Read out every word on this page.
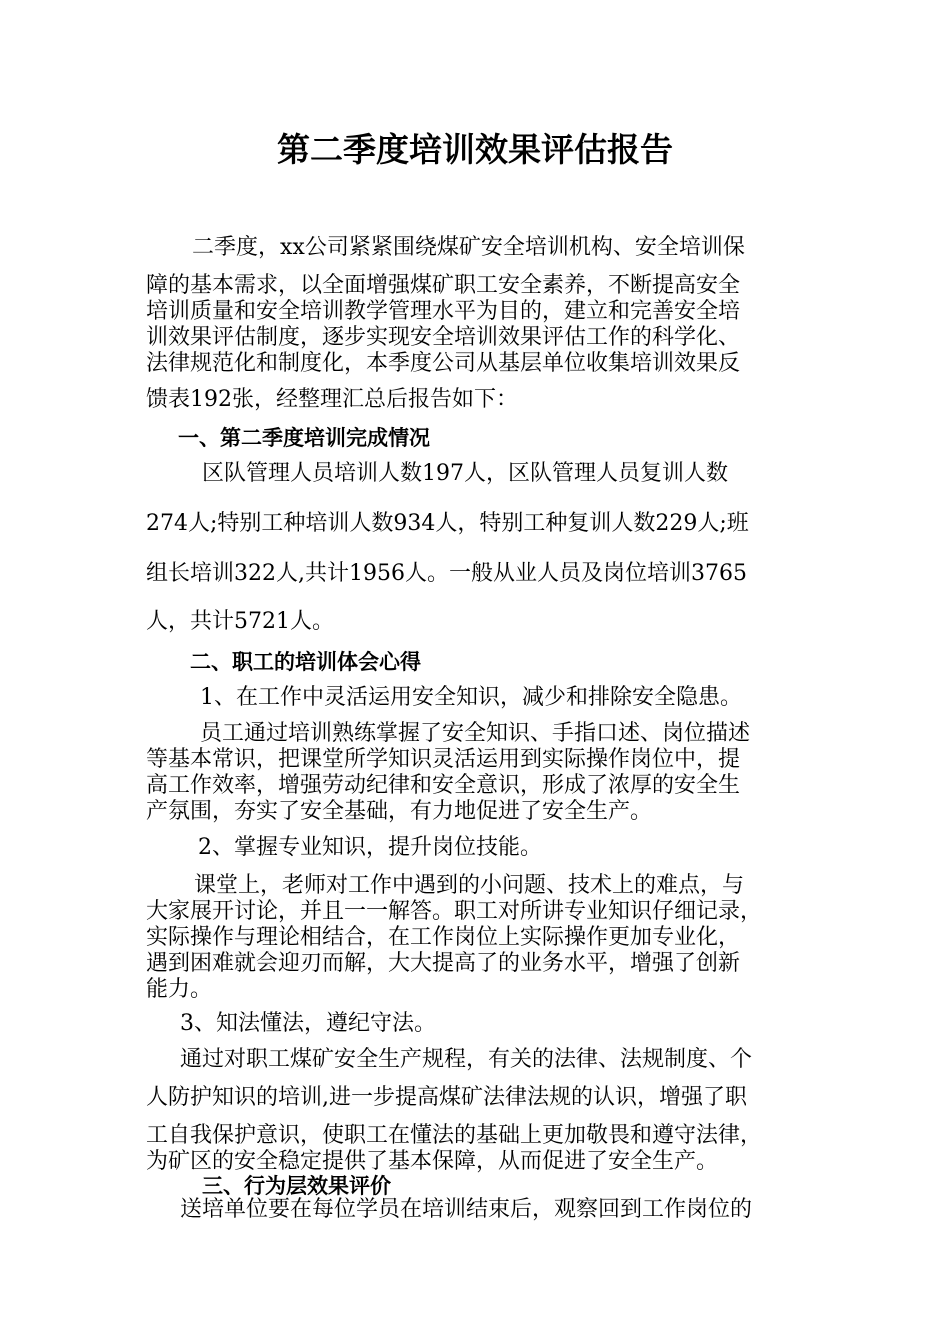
第二季度培训效果评估报告
二季度，xx公司紧紧围绕煤矿安全培训机构、安全培训保
障的基本需求，以全面增强煤矿职工安全素养，不断提高安全
培训质量和安全培训教学管理水平为目的，建立和完善安全培
训效果评估制度，逐步实现安全培训效果评估工作的科学化、
法律规范化和制度化，本季度公司从基层单位收集培训效果反
馈表192张，经整理汇总后报告如下：
一、第二季度培训完成情况
区队管理人员培训人数197人，区队管理人员复训人数
274人;特别工种培训人数934人，特别工种复训人数229人;班
组长培训322人,共计1956人。一般从业人员及岗位培训3765
人，共计5721人。
二、职工的培训体会心得
1、在工作中灵活运用安全知识，减少和排除安全隐患。
员工通过培训熟练掌握了安全知识、手指口述、岗位描述
等基本常识，把课堂所学知识灵活运用到实际操作岗位中，提
高工作效率，增强劳动纪律和安全意识，形成了浓厚的安全生
产氛围，夯实了安全基础，有力地促进了安全生产。
2、掌握专业知识，提升岗位技能。
课堂上，老师对工作中遇到的小问题、技术上的难点，与
大家展开讨论，并且一一解答。职工对所讲专业知识仔细记录，
实际操作与理论相结合，在工作岗位上实际操作更加专业化，
遇到困难就会迎刃而解，大大提高了的业务水平，增强了创新
能力。
3、知法懂法，遵纪守法。
通过对职工煤矿安全生产规程，有关的法律、法规制度、个
人防护知识的培训,进一步提高煤矿法律法规的认识，增强了职
工自我保护意识，使职工在懂法的基础上更加敬畏和遵守法律，
为矿区的安全稳定提供了基本保障，从而促进了安全生产。
三、行为层效果评价
送培单位要在每位学员在培训结束后，观察回到工作岗位的
